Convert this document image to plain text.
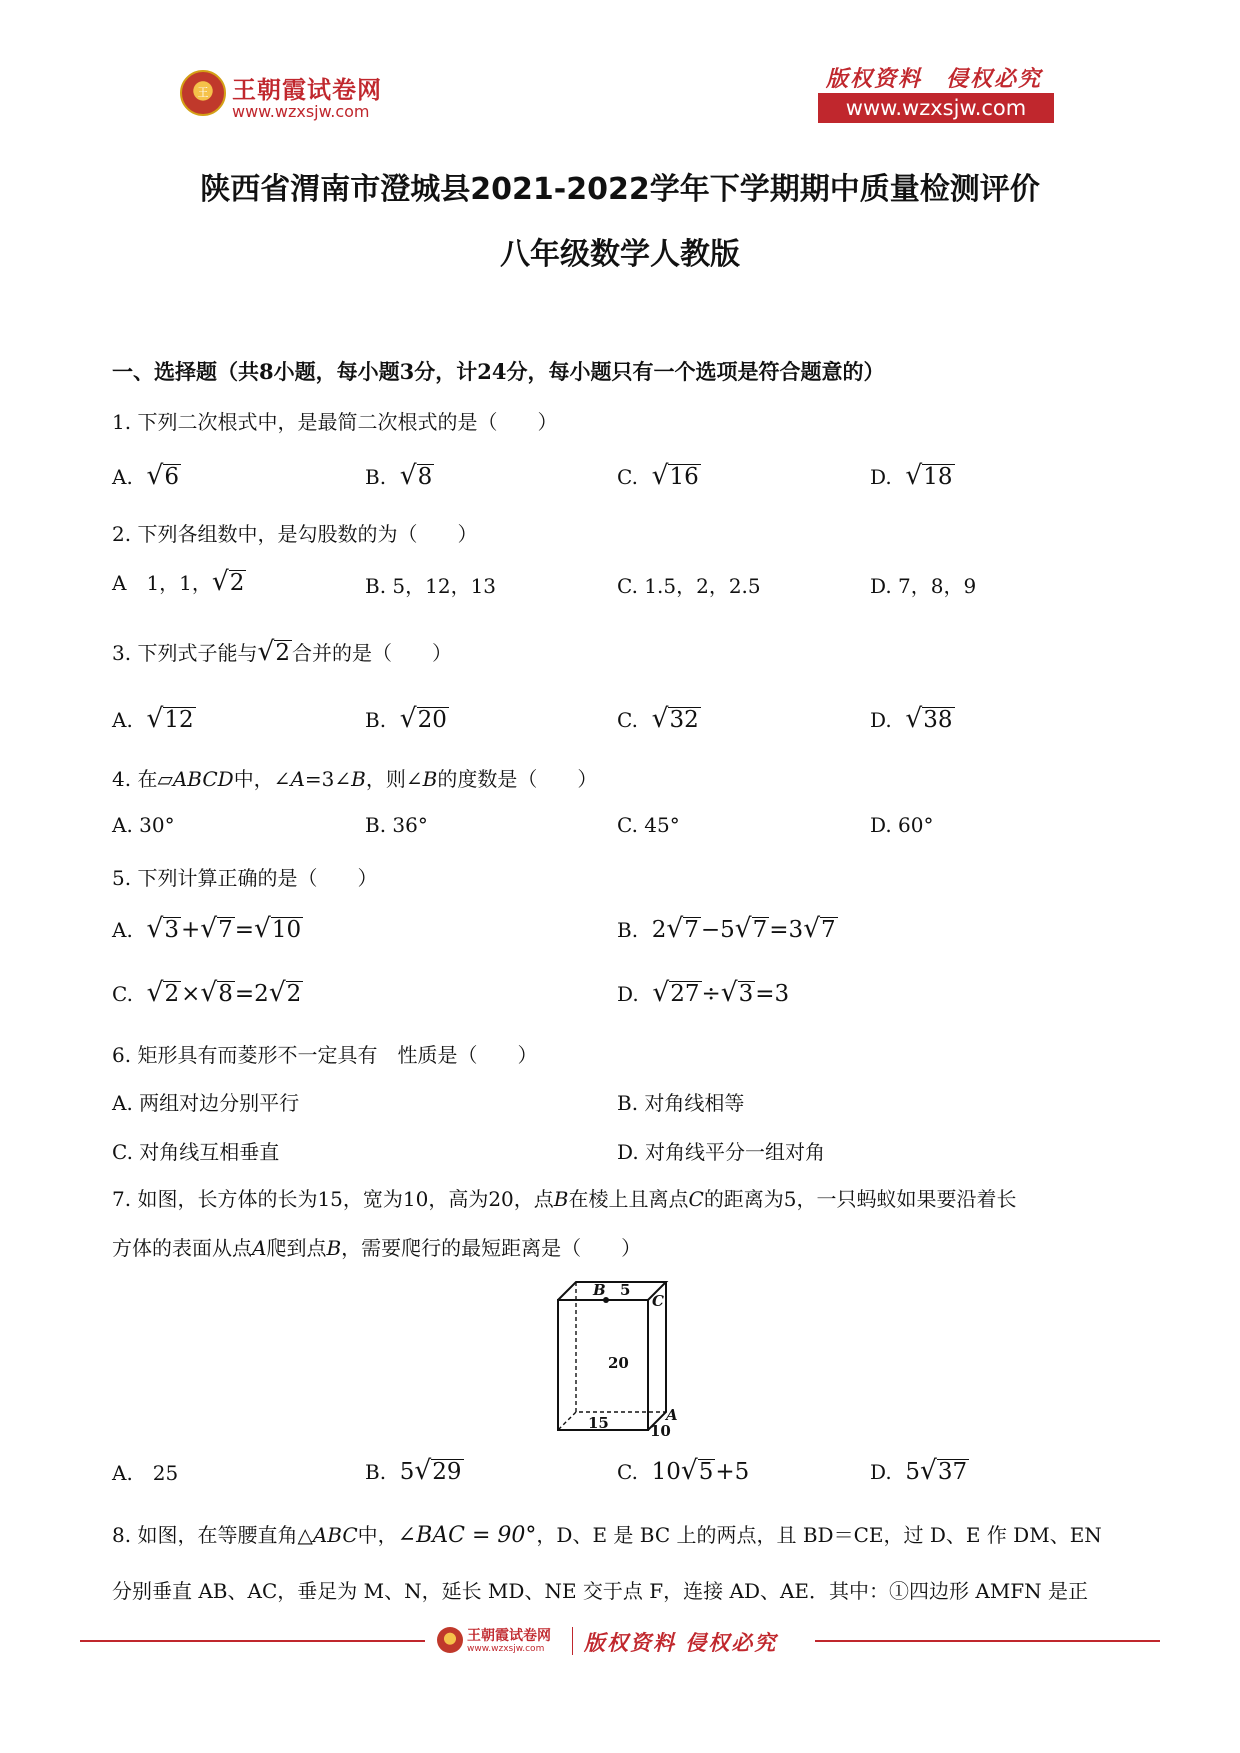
王 王朝霞试卷网
www.wzxsjw.com
版权资料　侵权必究
www.wzxsjw.com
陕西省渭南市澄城县2021-2022学年下学期期中质量检测评价
八年级数学人教版
一、选择题（共8小题，每小题3分，计24分，每小题只有一个选项是符合题意的）
1. 下列二次根式中，是最简二次根式的是（　　）
A. √6	B. √8	C. √16	D. √18
2. 下列各组数中，是勾股数的为（　　）
A　1，1，√2	B. 5，12，13	C. 1.5，2，2.5	D. 7，8，9
3. 下列式子能与√2 合并的是（　　）
A. √12	B. √20	C. √32	D. √38
4. 在▱ABCD中，∠A=3∠B，则∠B的度数是（　　）
A. 30°	B. 36°	C. 45°	D. 60°
5. 下列计算正确的是（　　）
A. √3+√7=√10	B. 2√7−5√7=3√7
C. √2×√8=2√2	D. √27÷√3=3
6. 矩形具有而菱形不一定具有　性质是（　　）
A. 两组对边分别平行	B. 对角线相等
C. 对角线互相垂直	D. 对角线平分一组对角
7. 如图，长方体的长为15，宽为10，高为20，点B在棱上且离点C的距离为5，一只蚂蚁如果要沿着长
方体的表面从点A爬到点B，需要爬行的最短距离是（　　）
B 5
C
20
15	A
10
A.　25	B. 5√29	C. 10√5+5	D. 5√37
8. 如图，在等腰直角△ABC中，∠BAC = 90°，D、E 是 BC 上的两点，且 BD＝CE，过 D、E 作 DM、EN
分别垂直 AB、AC，垂足为 M、N，延长 MD、NE 交于点 F，连接 AD、AE．其中：①四边形 AMFN 是正
王朝霞试卷网
www.wzxsjw.com 版权资料 侵权必究
